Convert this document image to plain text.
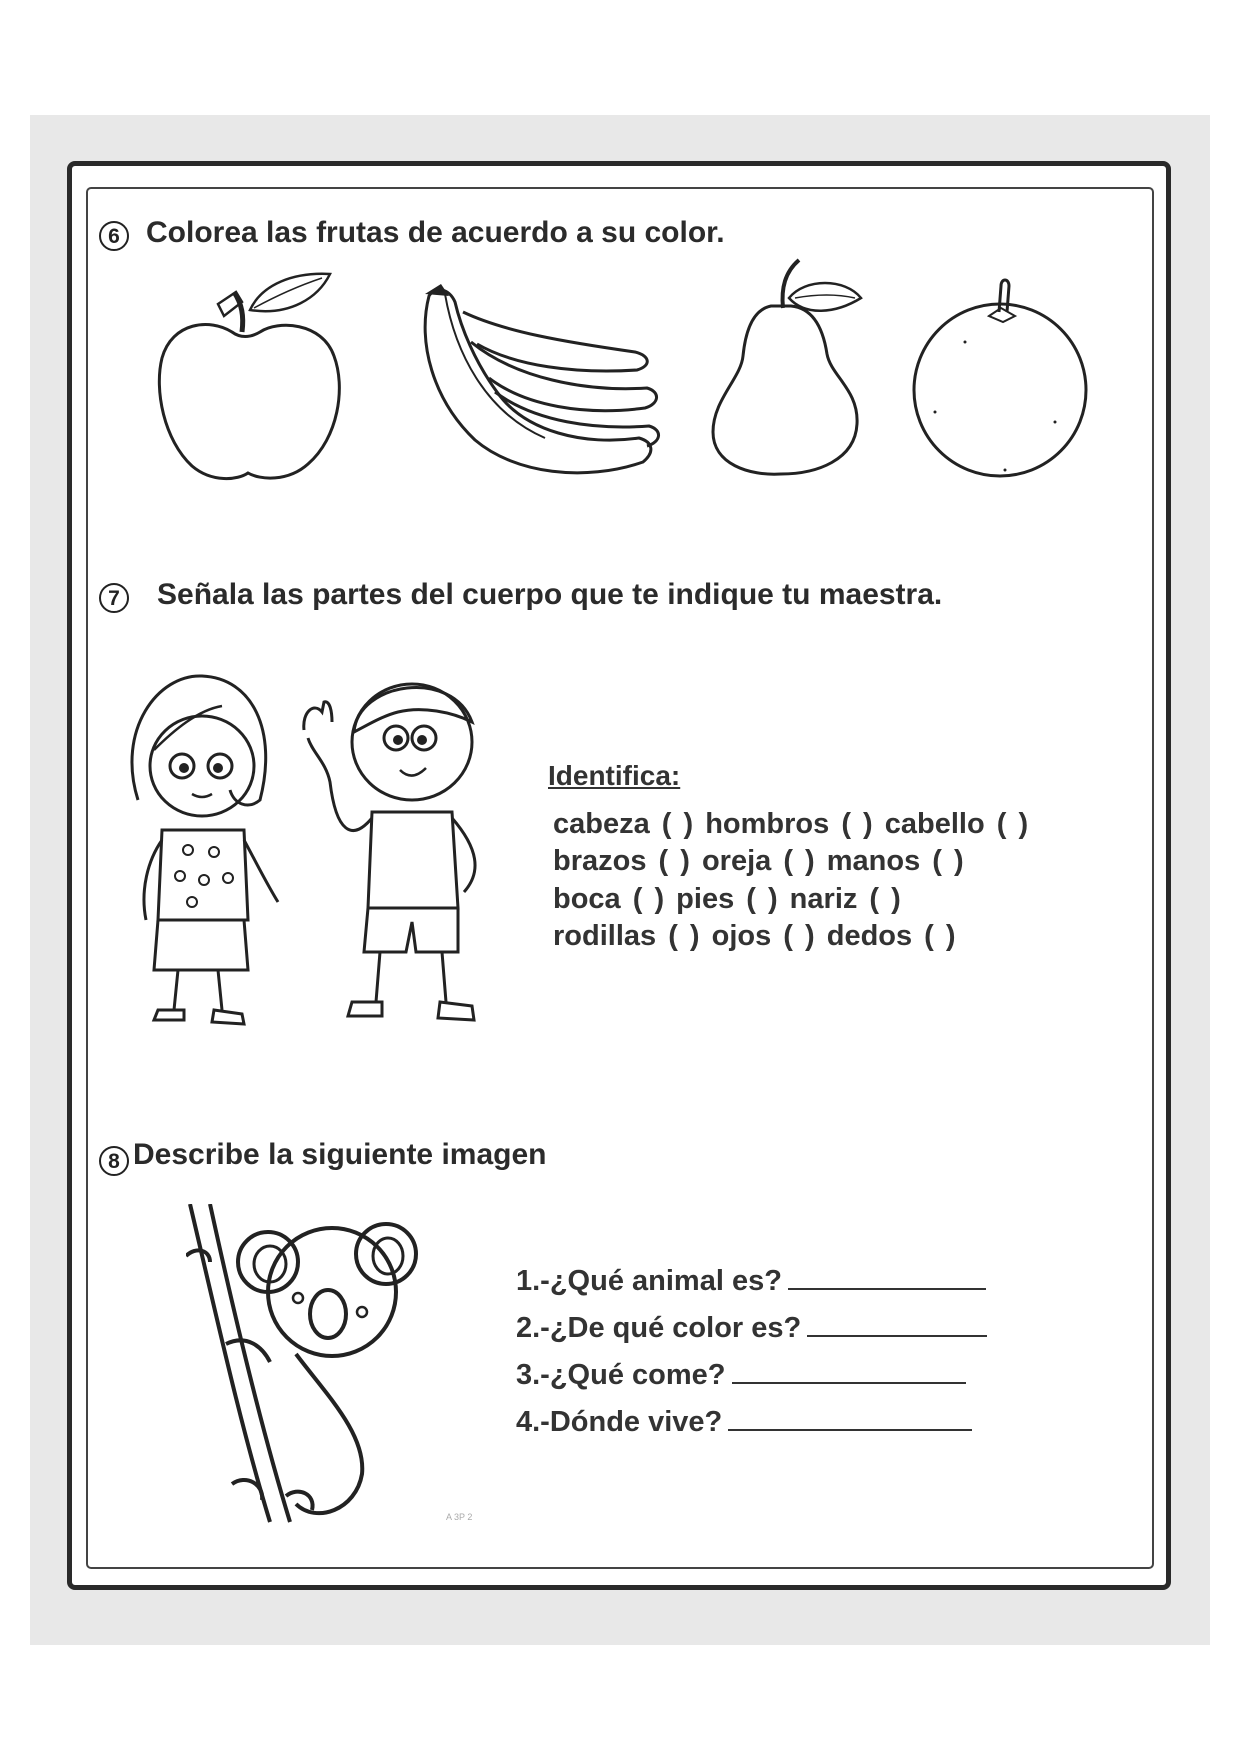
6 Colorea las frutas de acuerdo a su color.
7	Señala las partes del cuerpo que te indique tu maestra.
Identifica:
cabeza ( ) hombros ( ) cabello ( )
brazos ( ) oreja ( ) manos ( )
boca ( ) pies ( ) nariz ( )
rodillas ( ) ojos ( ) dedos ( )
8 Describe la siguiente imagen
1.-¿Qué animal es?
2.-¿De qué color es?
3.-¿Qué come?
4.-Dónde vive?
A 3P 2
